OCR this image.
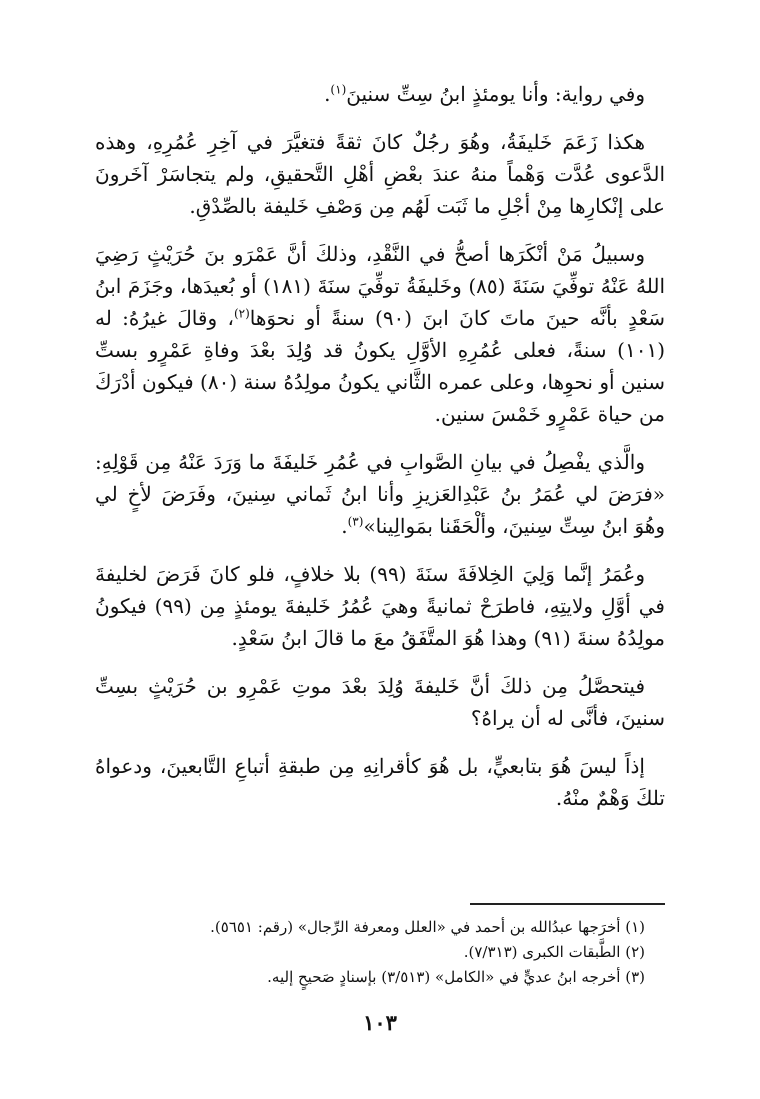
وفي رواية: وأنا يومئذٍ ابنُ سِتِّ سنينَ$^{(١)}$.

هكذا زَعَمَ خَليفَةُ، وهُوَ رجُلٌ كانَ ثقةً فتغيَّرَ في آخِرِ عُمُرِهِ، وهذه الدَّعوى عُدَّت وَهْماً منهُ عندَ بعْضِ أهْلِ التَّحقيقِ، ولم يتجاسَرْ آخَرونَ على إنْكارِها مِنْ أجْلِ ما ثَبَت لَهُم مِن وَصْفِ خَليفة بالصِّدْقِ.

وسبيلُ مَنْ أنْكَرَها أصحُّ في النَّقْدِ، وذلكَ أنَّ عَمْرَو بنَ حُرَيْثٍ رَضِيَ اللهُ عَنْهُ توفِّيَ سَنَةَ (٨٥) وخَليفَةُ توفِّيَ سنَةَ (١٨١) أو بُعيدَها، وجَزَمَ ابنُ سَعْدٍ بأنَّه حينَ ماتَ كانَ ابنَ (٩٠) سنةً أو نحوَها$^{(٢)}$، وقالَ غيرُهُ: له (١٠١) سنةً، فعلى عُمُرِهِ الأوَّلِ يكونُ قد وُلِدَ بعْدَ وفاةِ عَمْرٍو بستِّ سنين أو نحوِها، وعلى عمره الثَّاني يكونُ مولِدُهُ سنة (٨٠) فيكون أدْرَكَ من حياة عَمْرٍو خَمْسَ سنين.

والَّذي يفْصِلُ في بيانِ الصَّوابِ في عُمُرِ خَليفَةَ ما وَرَدَ عَنْهُ مِن قَوْلِهِ: «فرَضَ لي عُمَرُ بنُ عَبْدِالعَزيزِ وأنا ابنُ ثَماني سِنينَ، وفَرَضَ لأخٍ لي وهُوَ ابنُ سِتِّ سِنينَ، وألْحَقَنا بمَوالِينا»$^{(٣)}$.

وعُمَرُ إنَّما وَلِيَ الخِلافَةَ سنَةَ (٩٩) بلا خلافٍ، فلو كانَ فَرَضَ لخليفةَ في أوَّلِ ولايتِهِ، فاطرَحْ ثمانيةً وهيَ عُمُرُ خَليفةَ يومئذٍ مِن (٩٩) فيكونُ مولِدُهُ سنةَ (٩١) وهذا هُوَ المتَّفَقُ معَ ما قالَ ابنُ سَعْدٍ.

فيتحصَّلُ مِن ذلكَ أنَّ خَليفةَ وُلِدَ بعْدَ موتِ عَمْرِو بن حُرَيْثٍ بسِتِّ سنينَ، فأنَّى له أن يراهُ؟

إذاً ليسَ هُوَ بتابعيٍّ، بل هُوَ كأقرانِهِ مِن طبقةِ أتباعِ التَّابعينَ، ودعواهُ تلكَ وَهْمٌ منْهُ.

(١) أخرَجها عبدُالله بن أحمد في «العلل ومعرفة الرِّجال» (رقم: ٥٦٥١).

(٢) الطَّبقات الكبرى (٧/٣١٣).

(٣) أخرجه ابنُ عديٍّ في «الكامل» (٣/٥١٣) بإسنادٍ صَحيحٍ إليه.

١٠٣
